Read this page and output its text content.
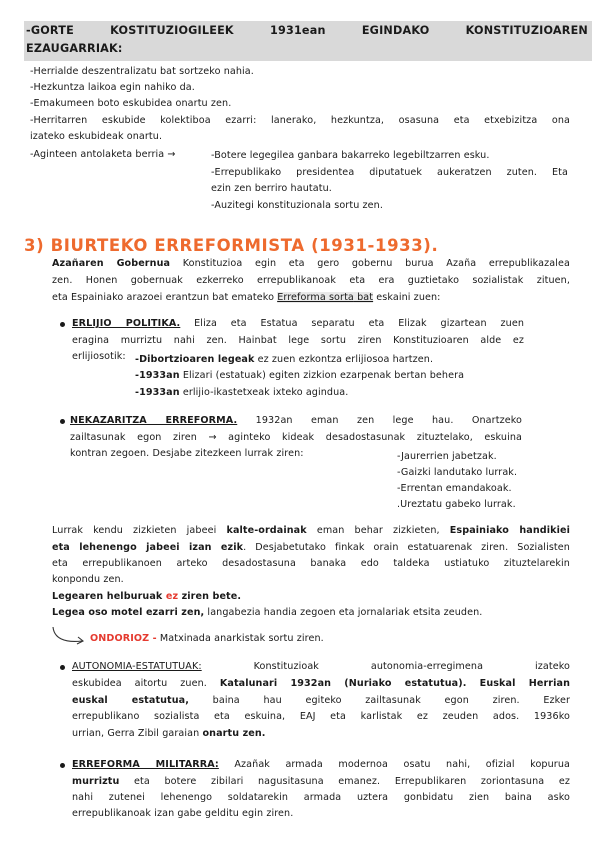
-GORTE KOSTITUZIOGILEEK 1931ean EGINDAKO KONSTITUZIOAREN
EZAUGARRIAK:
-Herrialde deszentralizatu bat sortzeko nahia.
-Hezkuntza laikoa egin nahiko da.
-Emakumeen boto eskubidea onartu zen.
-Herritarren eskubide kolektiboa ezarri: lanerako, hezkuntza, osasuna eta etxebizitza ona
izateko eskubideak onartu.
-Aginteen antolaketa berria →	-Botere legegilea ganbara bakarreko legebiltzarren esku.
-Errepublikako presidentea diputatuek aukeratzen zuten. Eta
ezin zen berriro hautatu.
-Auzitegi konstituzionala sortu zen.
3) BIURTEKO ERREFORMISTA (1931-1933).
Azañaren Gobernua Konstituzioa egin eta gero gobernu burua Azaña errepublikazalea
zen. Honen gobernuak ezkerreko errepublikanoak eta era guztietako sozialistak zituen,
eta Espainiako arazoei erantzun bat emateko Erreforma sorta bat eskaini zuen:
ERLIJIO POLITIKA. Eliza eta Estatua separatu eta Elizak gizartean zuen
eragina murriztu nahi zen. Hainbat lege sortu ziren Konstituzioaren alde ez
erlijiosotik: -Dibortzioaren legeak ez zuen ezkontza erlijiosoa hartzen.
-1933an Elizari (estatuak) egiten zizkion ezarpenak bertan behera
-1933an erlijio-ikastetxeak ixteko agindua.
NEKAZARITZA ERREFORMA. 1932an eman zen lege hau. Onartzeko
zailtasunak egon ziren → aginteko kideak desadostasunak zituztelako, eskuina
kontran zegoen. Desjabe zitezkeen lurrak ziren:	-Jaurerrien jabetzak.
-Gaizki landutako lurrak.
-Errentan emandakoak.
.Ureztatu gabeko lurrak.
Lurrak kendu zizkieten jabeei kalte-ordainak eman behar zizkieten, Espainiako handikiei
eta lehenengo jabeei izan ezik. Desjabetutako finkak orain estatuarenak ziren. Sozialisten
eta errepublikanoen arteko desadostasuna banaka edo taldeka ustiatuko zituztelarekin
konpondu zen.
Legearen helburuak ez ziren bete.
Legea oso motel ezarri zen, langabezia handia zegoen eta jornalariak etsita zeuden.
ONDORIOZ - Matxinada anarkistak sortu ziren.
AUTONOMIA-ESTATUTUAK: Konstituzioak autonomia-erregimena izateko
eskubidea aitortu zuen. Katalunari 1932an (Nuriako estatutua). Euskal Herrian
euskal estatutua, baina hau egiteko zailtasunak egon ziren. Ezker
errepublikano sozialista eta eskuina, EAJ eta karlistak ez zeuden ados. 1936ko
urrian, Gerra Zibil garaian onartu zen.
ERREFORMA MILITARRA: Azañak armada modernoa osatu nahi, ofizial kopurua
murriztu eta botere zibilari nagusitasuna emanez. Errepublikaren zoriontasuna ez
nahi zutenei lehenengo soldatarekin armada uztera gonbidatu zien baina asko
errepublikanoak izan gabe gelditu egin ziren.
